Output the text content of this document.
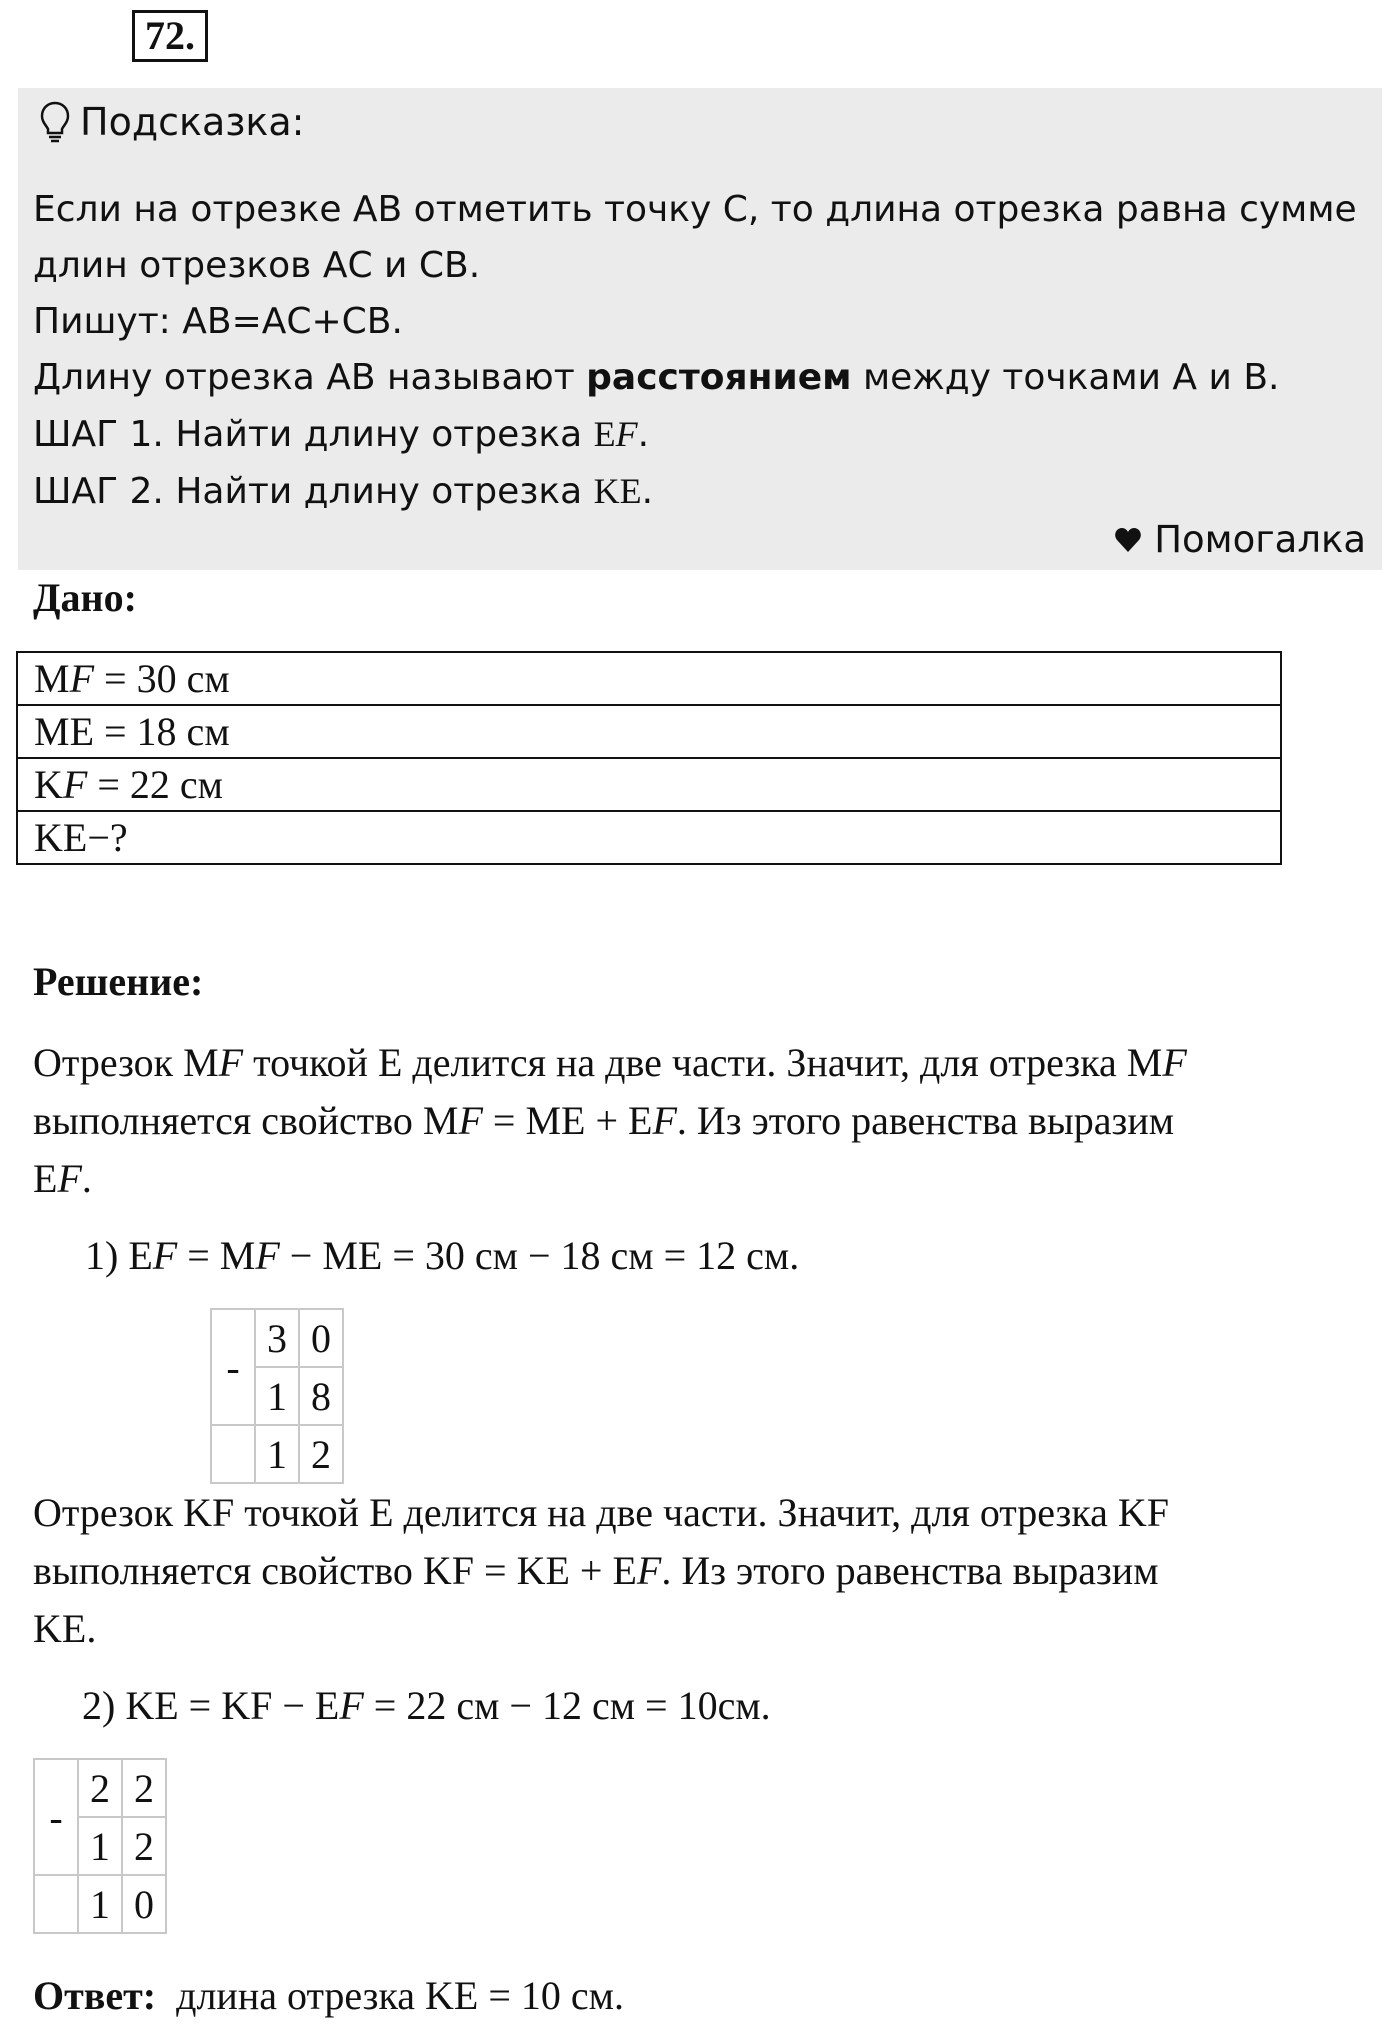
72.
Подсказка:
Если на отрезке АВ отметить точку С, то длина отрезка равна сумме
длин отрезков АС и СВ.
Пишут: АВ=АС+СВ.
Длину отрезка АВ называют расстоянием между точками А и В.
ШАГ 1. Найти длину отрезка EF.
ШАГ 2. Найти длину отрезка KE.
Помогалка
Дано:
MF = 30 см
ME = 18 см
KF = 22 см
KE−?
Решение:
Отрезок MF точкой E делится на две части. Значит, для отрезка MF
выполняется свойство MF = ME + EF. Из этого равенства выразим
EF.
1) EF = MF − ME = 30 см − 18 см = 12 см.
-	3	0
	1	8
	1	2
Отрезок KF точкой E делится на две части. Значит, для отрезка KF
выполняется свойство KF = KE + EF. Из этого равенства выразим
KE.
2) KE = KF − EF = 22 см − 12 см = 10см.
-	2	2
	1	2
	1	0
Ответ:  длина отрезка KE = 10 см.
